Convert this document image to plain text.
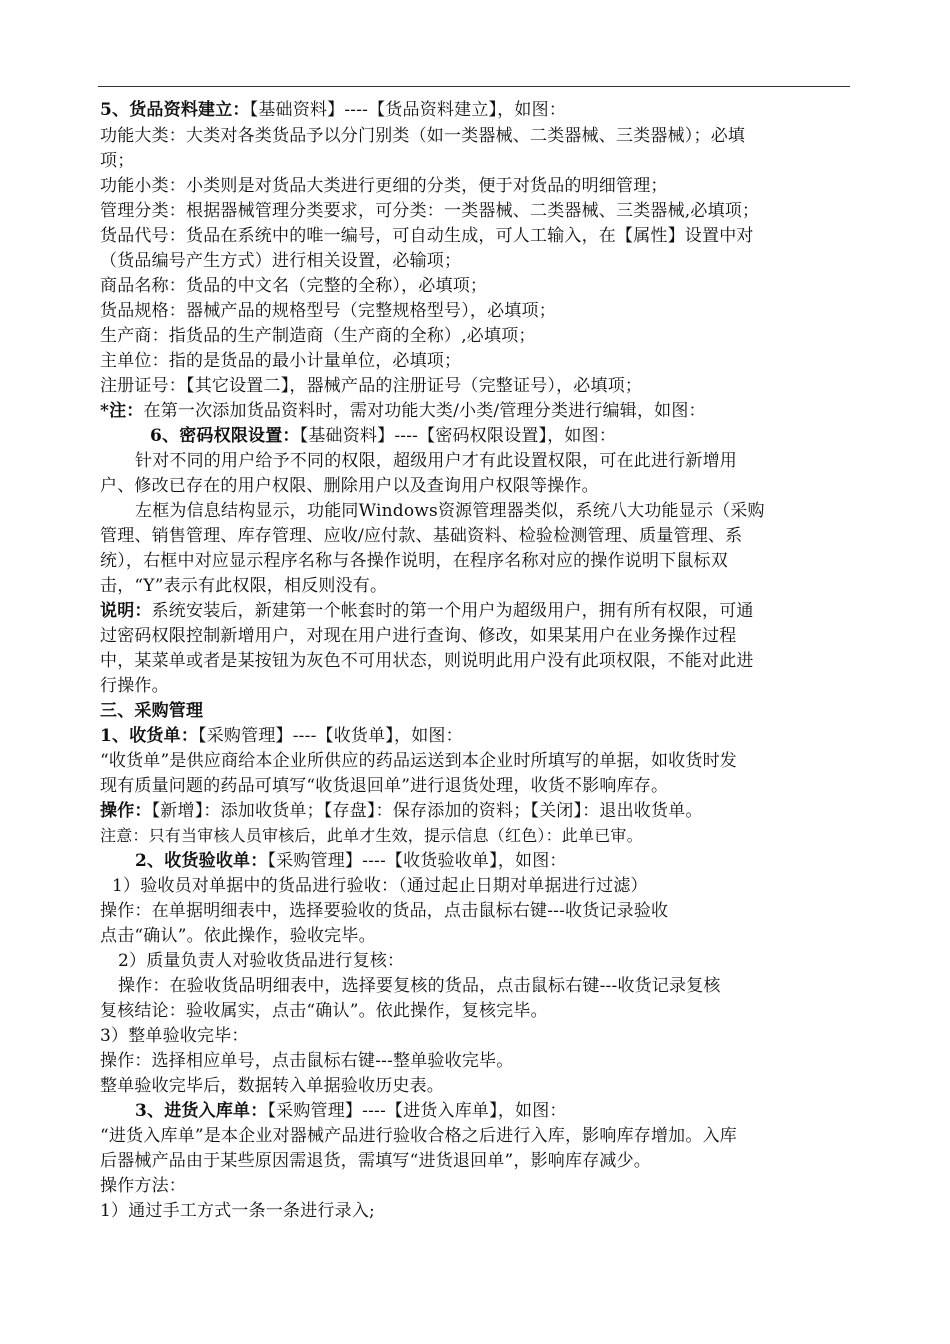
5、货品资料建立：【基础资料】----【货品资料建立】，如图：
功能大类：大类对各类货品予以分门别类（如一类器械、二类器械、三类器械）；必填
项；
功能小类：小类则是对货品大类进行更细的分类，便于对货品的明细管理；
管理分类：根据器械管理分类要求，可分类：一类器械、二类器械、三类器械,必填项；
货品代号：货品在系统中的唯一编号，可自动生成，可人工输入，在【属性】设置中对
（货品编号产生方式）进行相关设置，必输项；
商品名称：货品的中文名（完整的全称），必填项；
货品规格：器械产品的规格型号（完整规格型号），必填项；
生产商：指货品的生产制造商（生产商的全称）,必填项；
主单位：指的是货品的最小计量单位，必填项；
注册证号：【其它设置二】，器械产品的注册证号（完整证号），必填项；
*注：在第一次添加货品资料时，需对功能大类/小类/管理分类进行编辑，如图：
6、密码权限设置：【基础资料】----【密码权限设置】，如图：
针对不同的用户给予不同的权限，超级用户才有此设置权限，可在此进行新增用
户、修改已存在的用户权限、删除用户以及查询用户权限等操作。
左框为信息结构显示，功能同Windows资源管理器类似，系统八大功能显示（采购
管理、销售管理、库存管理、应收/应付款、基础资料、检验检测管理、质量管理、系
统），右框中对应显示程序名称与各操作说明，在程序名称对应的操作说明下鼠标双
击，“Y”表示有此权限，相反则没有。
说明：系统安装后，新建第一个帐套时的第一个用户为超级用户，拥有所有权限，可通
过密码权限控制新增用户，对现在用户进行查询、修改，如果某用户在业务操作过程
中，某菜单或者是某按钮为灰色不可用状态，则说明此用户没有此项权限，不能对此进
行操作。
三、采购管理
1、收货单：【采购管理】----【收货单】，如图：
“收货单”是供应商给本企业所供应的药品运送到本企业时所填写的单据，如收货时发
现有质量问题的药品可填写“收货退回单”进行退货处理，收货不影响库存。
操作：【新增】：添加收货单；【存盘】：保存添加的资料；【关闭】：退出收货单。
注意：只有当审核人员审核后，此单才生效，提示信息（红色）：此单已审。
2、收货验收单：【采购管理】----【收货验收单】，如图：
1）验收员对单据中的货品进行验收：（通过起止日期对单据进行过滤）
操作：在单据明细表中，选择要验收的货品，点击鼠标右键---收货记录验收
点击“确认”。依此操作，验收完毕。
2）质量负责人对验收货品进行复核：
操作：在验收货品明细表中，选择要复核的货品，点击鼠标右键---收货记录复核
复核结论：验收属实，点击“确认”。依此操作，复核完毕。
3）整单验收完毕：
操作：选择相应单号，点击鼠标右键---整单验收完毕。
整单验收完毕后，数据转入单据验收历史表。
3、进货入库单：【采购管理】----【进货入库单】，如图：
“进货入库单”是本企业对器械产品进行验收合格之后进行入库，影响库存增加。入库
后器械产品由于某些原因需退货，需填写“进货退回单”，影响库存减少。
操作方法：
1）通过手工方式一条一条进行录入;
